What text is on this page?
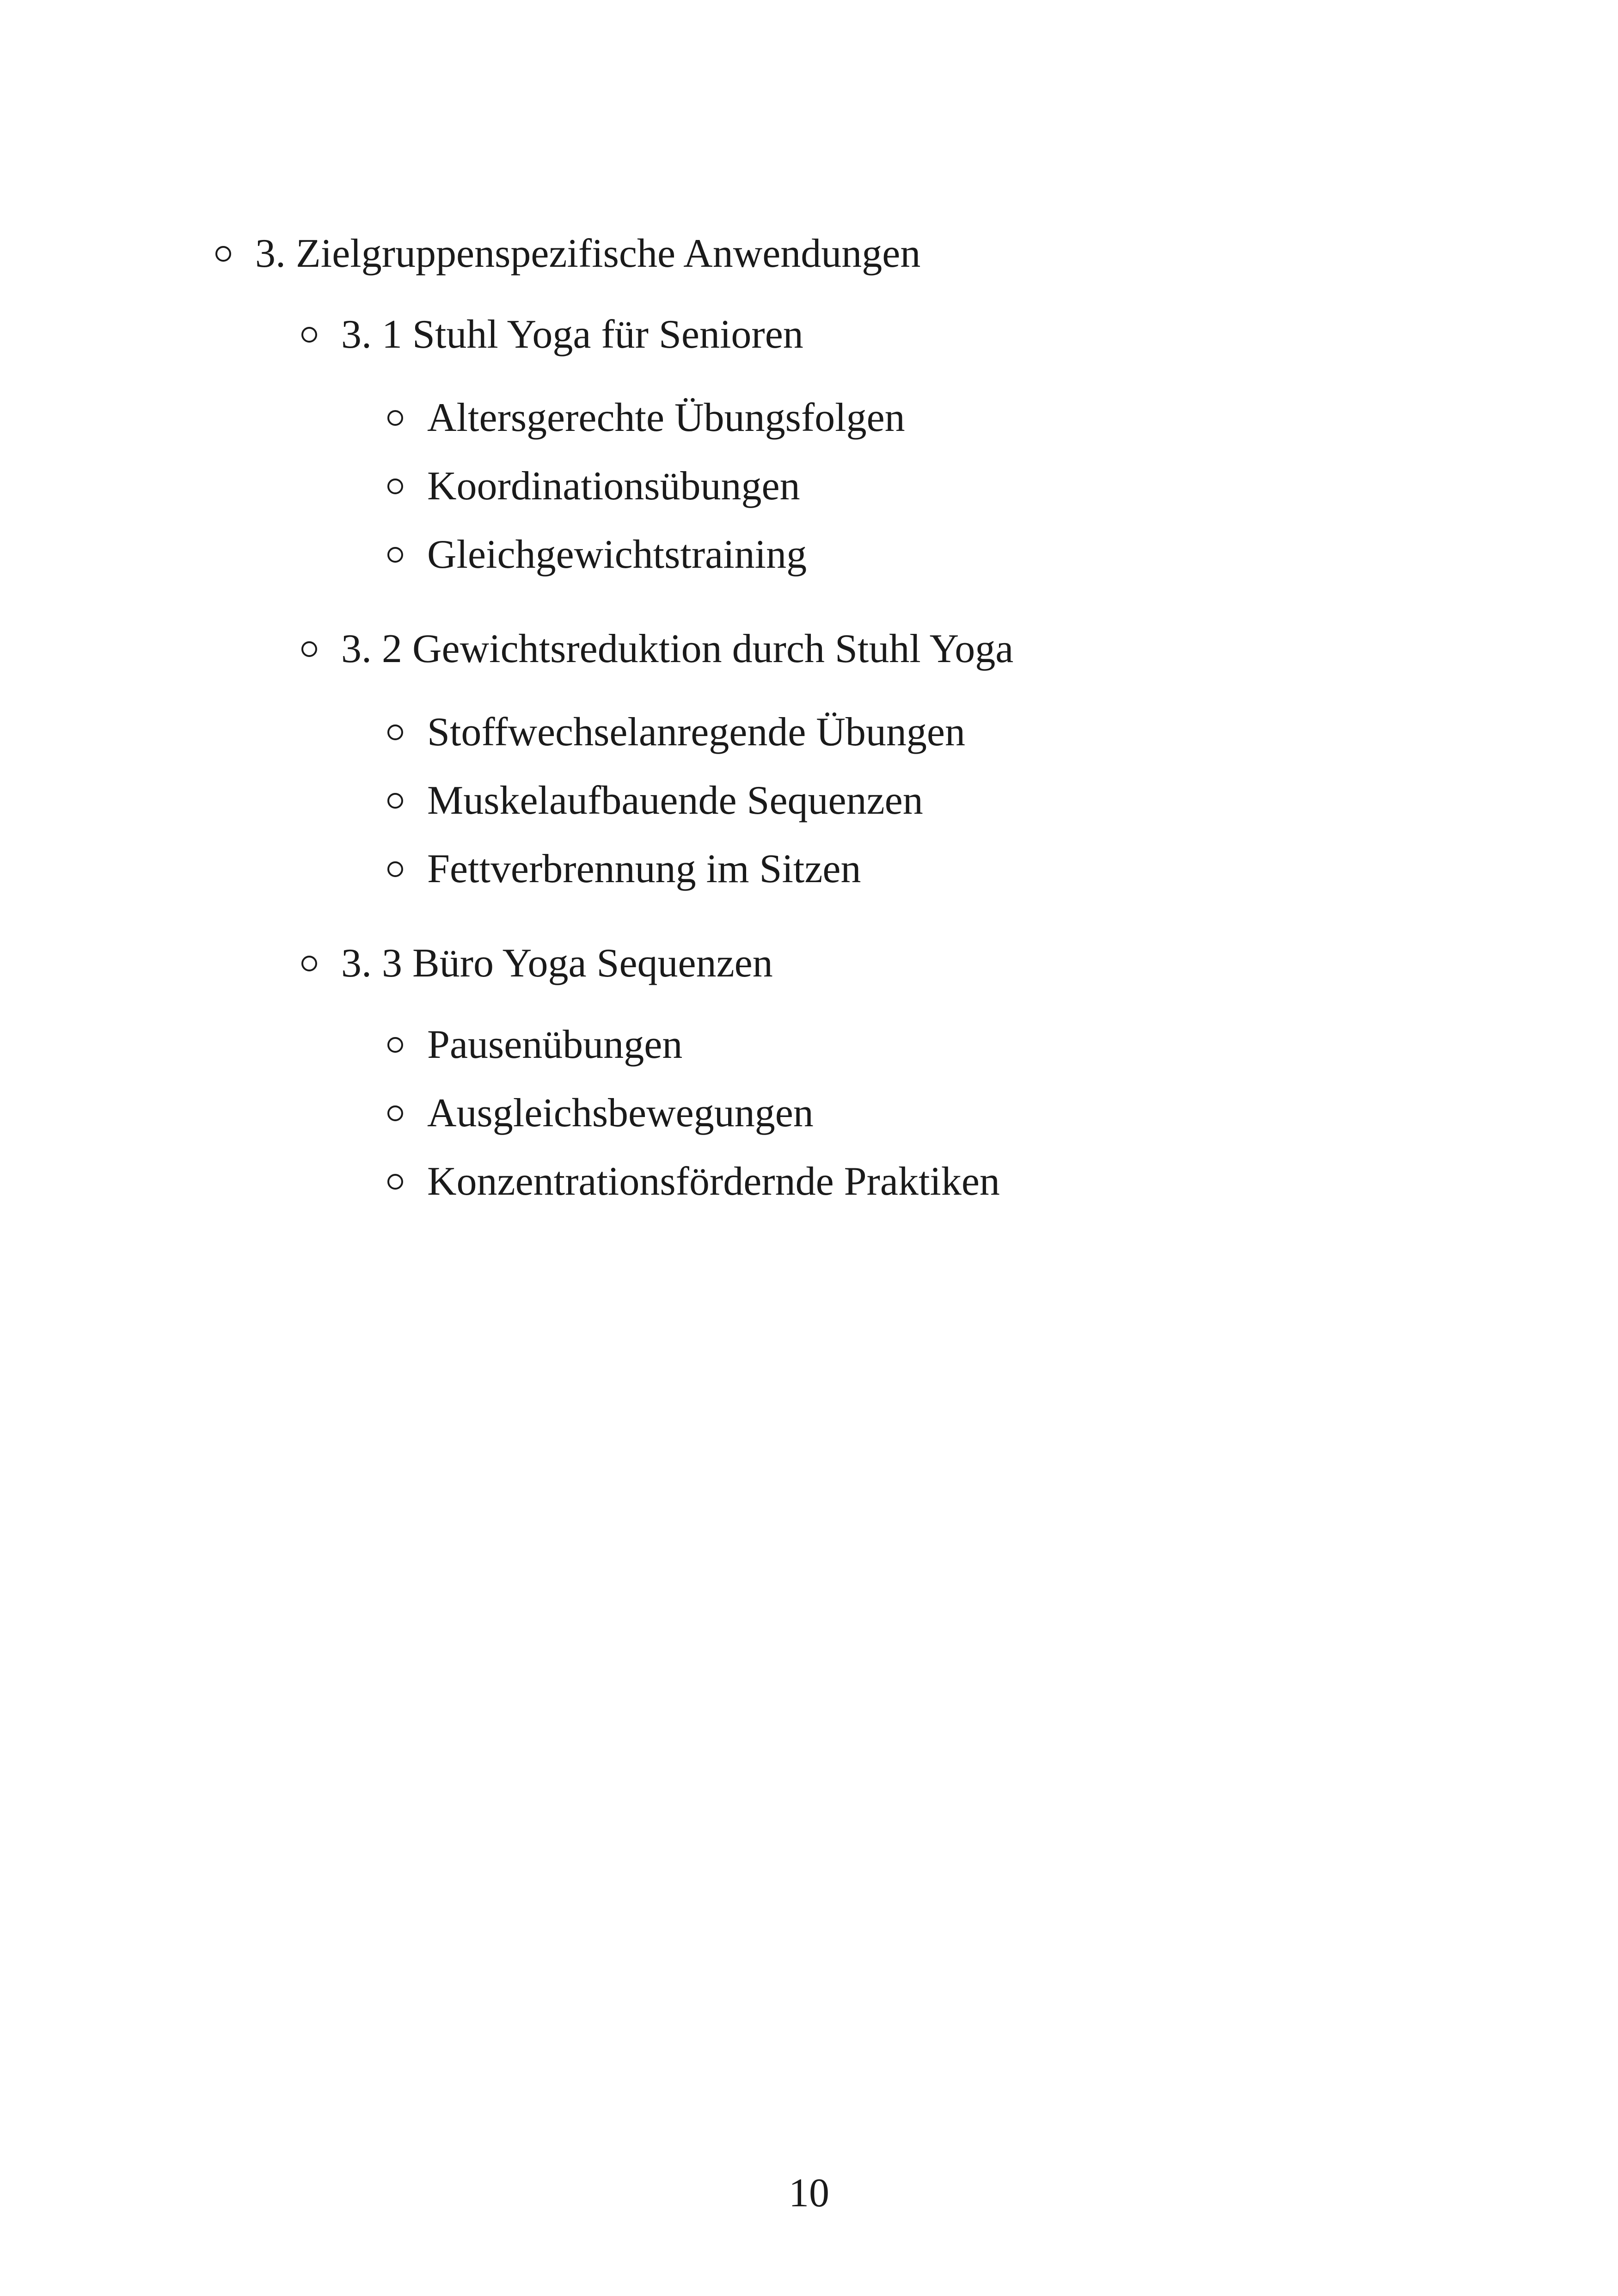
3. Zielgruppenspezifische Anwendungen
3. 1 Stuhl Yoga für Senioren
Altersgerechte Übungsfolgen
Koordinationsübungen
Gleichgewichtstraining
3. 2 Gewichtsreduktion durch Stuhl Yoga
Stoffwechselanregende Übungen
Muskelaufbauende Sequenzen
Fettverbrennung im Sitzen
3. 3 Büro Yoga Sequenzen
Pausenübungen
Ausgleichsbewegungen
Konzentrationsfördernde Praktiken
10
